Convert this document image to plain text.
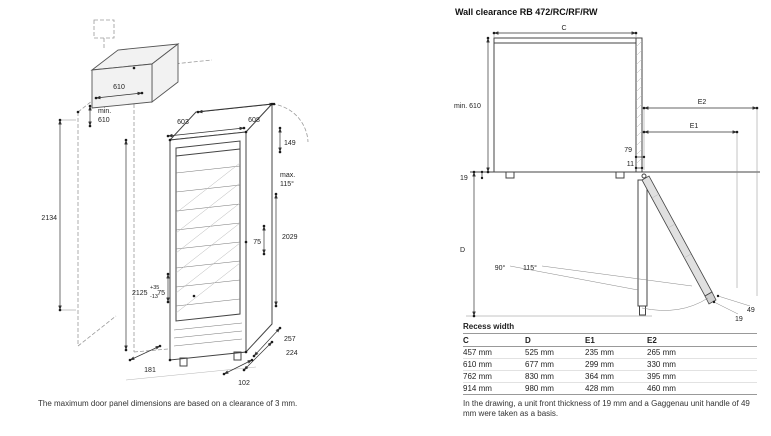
2134
610
min.
610	603	608
149
max.
115°
2029
75
75
2125
+35
-13
257
224
181
102
The maximum door panel dimensions are based on a clearance of 3 mm.
Wall clearance RB 472/RC/RF/RW
C
min. 610
E2
E1
79
11
19
D
90°	115°
19
49
Recess width
C	D	E1	E2
457 mm	525 mm	235 mm	265 mm
610 mm	677 mm	299 mm	330 mm
762 mm	830 mm	364 mm	395 mm
914 mm	980 mm	428 mm	460 mm

In the drawing, a unit front thickness of 19 mm and a Gaggenau unit handle of 49 mm were taken as a basis.
